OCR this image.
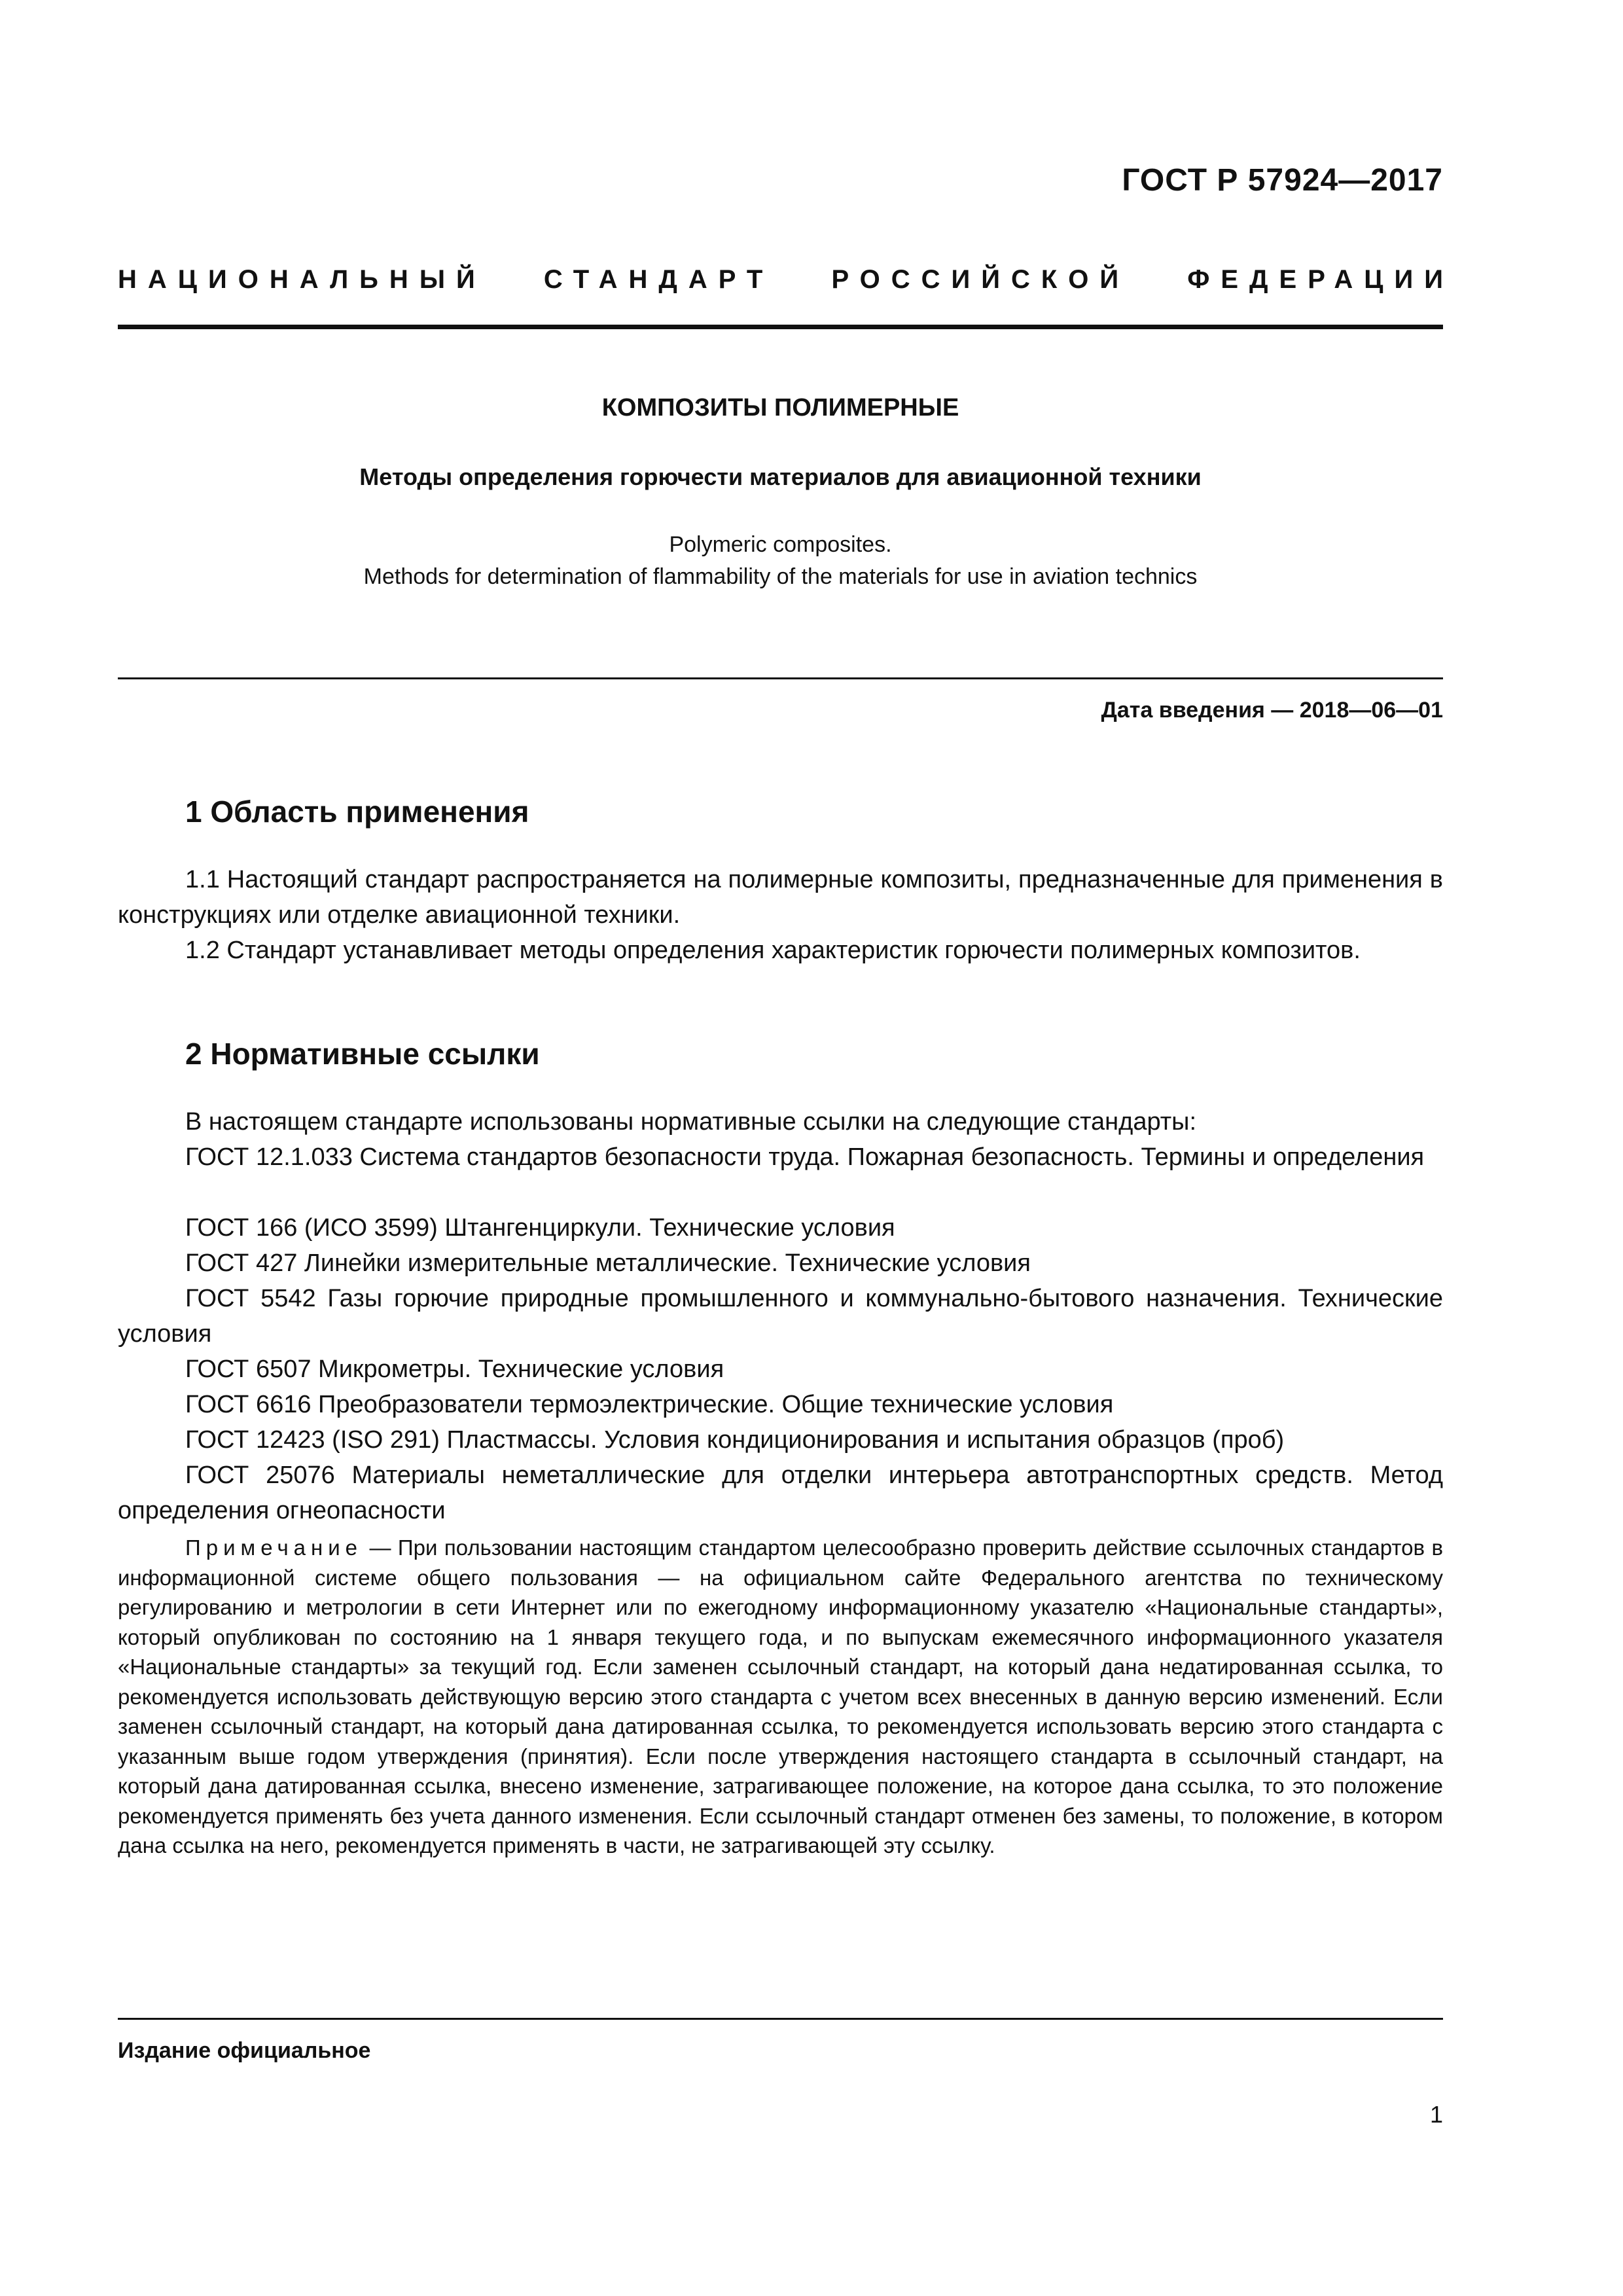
ГОСТ Р 57924—2017
НАЦИОНАЛЬНЫЙ СТАНДАРТ РОССИЙСКОЙ ФЕДЕРАЦИИ
КОМПОЗИТЫ ПОЛИМЕРНЫЕ
Методы определения горючести материалов для авиационной техники
Polymeric composites.
Methods for determination of flammability of the materials for use in aviation technics
Дата введения — 2018—06—01
1 Область применения
1.1 Настоящий стандарт распространяется на полимерные композиты, предназначенные для применения в конструкциях или отделке авиационной техники.
1.2 Стандарт устанавливает методы определения характеристик горючести полимерных композитов.
2 Нормативные ссылки
В настоящем стандарте использованы нормативные ссылки на следующие стандарты:
ГОСТ 12.1.033 Система стандартов безопасности труда. Пожарная безопасность. Термины и определения
ГОСТ 166 (ИСО 3599) Штангенциркули. Технические условия
ГОСТ 427 Линейки измерительные металлические. Технические условия
ГОСТ 5542 Газы горючие природные промышленного и коммунально-бытового назначения. Технические условия
ГОСТ 6507 Микрометры. Технические условия
ГОСТ 6616 Преобразователи термоэлектрические. Общие технические условия
ГОСТ 12423 (ISO 291) Пластмассы. Условия кондиционирования и испытания образцов (проб)
ГОСТ 25076 Материалы неметаллические для отделки интерьера автотранспортных средств. Метод определения огнеопасности
Примечание — При пользовании настоящим стандартом целесообразно проверить действие ссылочных стандартов в информационной системе общего пользования — на официальном сайте Федерального агентства по техническому регулированию и метрологии в сети Интернет или по ежегодному информационному указателю «Национальные стандарты», который опубликован по состоянию на 1 января текущего года, и по выпускам ежемесячного информационного указателя «Национальные стандарты» за текущий год. Если заменен ссылочный стандарт, на который дана недатированная ссылка, то рекомендуется использовать действующую версию этого стандарта с учетом всех внесенных в данную версию изменений. Если заменен ссылочный стандарт, на который дана датированная ссылка, то рекомендуется использовать версию этого стандарта с указанным выше годом утверждения (принятия). Если после утверждения настоящего стандарта в ссылочный стандарт, на который дана датированная ссылка, внесено изменение, затрагивающее положение, на которое дана ссылка, то это положение рекомендуется применять без учета данного изменения. Если ссылочный стандарт отменен без замены, то положение, в котором дана ссылка на него, рекомендуется применять в части, не затрагивающей эту ссылку.
Издание официальное
1
